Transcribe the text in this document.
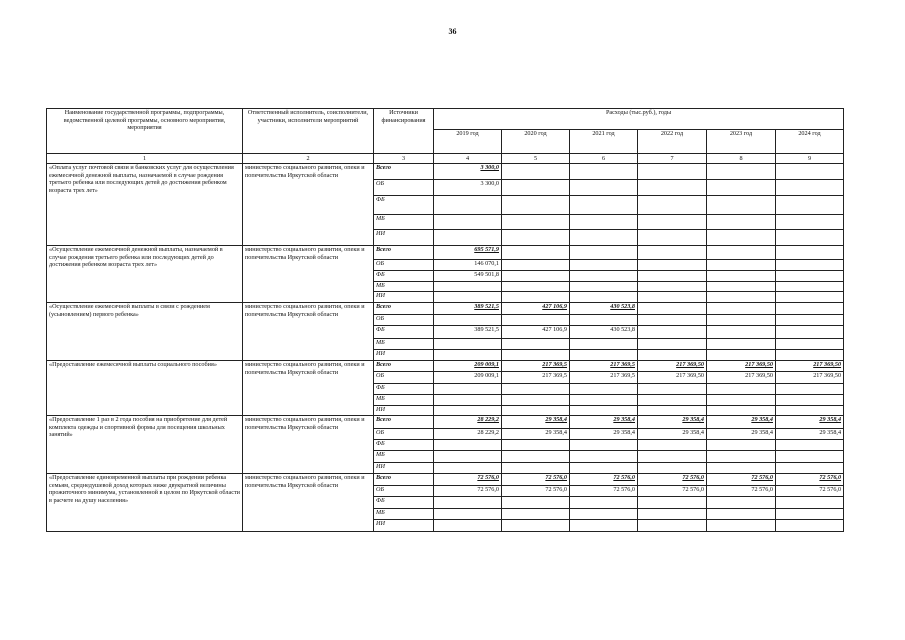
36
Наименование государственной программы, подпрограммы, ведомственной целевой программы, основного мероприятия, мероприятия	Ответственный исполнитель, соисполнители, участники, исполнители мероприятий	Источники финансирования	Расходы (тыс.руб.), годы					
			2019 год	2020 год	2021 год	2022 год	2023 год	2024 год
1	2	3	4	5	6	7	8	9
«Оплата услуг почтовой связи и банковских услуг для осуществления ежемесячной денежной выплаты, назначаемой в случае рождения третьего ребенка или последующих детей до достижения ребенком возраста трех лет»	министерство социального развития, опеки и попечительства Иркутской области	Всего	3 300,0					
		ОБ	3 300,0					
		ФБ						
		МБ						
		ИИ						
«Осуществление ежемесячной денежной выплаты, назначаемой в случае рождения третьего ребенка или последующих детей до достижения ребенком возраста трех лет»	министерство социального развития, опеки и попечительства Иркутской области	Всего	695 571,9					
		ОБ	146 070,1					
		ФБ	549 501,8					
		МБ						
		ИИ						
«Осуществление ежемесячной выплаты в связи с рождением (усыновлением) первого ребенка»	министерство социального развития, опеки и попечительства Иркутской области	Всего	389 521,5	427 106,9	430 523,8			
		ОБ						
		ФБ	389 521,5	427 106,9	430 523,8			
		МБ						
		ИИ						
«Предоставление ежемесячной выплаты социального пособия»	министерство социального развития, опеки и попечительства Иркутской области	Всего	209 009,1	217 369,5	217 369,5	217 369,50	217 369,50	217 369,50
		ОБ	209 009,1	217 369,5	217 369,5	217 369,50	217 369,50	217 369,50
		ФБ						
		МБ						
		ИИ						
«Предоставление 1 раз в 2 года пособия на приобретение для детей комплекта одежды и спортивной формы для посещения школьных занятий»	министерство социального развития, опеки и попечительства Иркутской области	Всего	28 229,2	29 358,4	29 358,4	29 358,4	29 358,4	29 358,4
		ОБ	28 229,2	29 358,4	29 358,4	29 358,4	29 358,4	29 358,4
		ФБ						
		МБ						
		ИИ						
«Предоставление единовременной выплаты при рождении ребенка семьям, среднедушевой доход которых ниже двукратной величины прожиточного минимума, установленной в целом по Иркутской области в расчете на душу населения»	министерство социального развития, опеки и попечительства Иркутской области	Всего	72 576,0	72 576,0	72 576,0	72 576,0	72 576,0	72 576,0
		ОБ	72 576,0	72 576,0	72 576,0	72 576,0	72 576,0	72 576,0
		ФБ						
		МБ						
		ИИ						
